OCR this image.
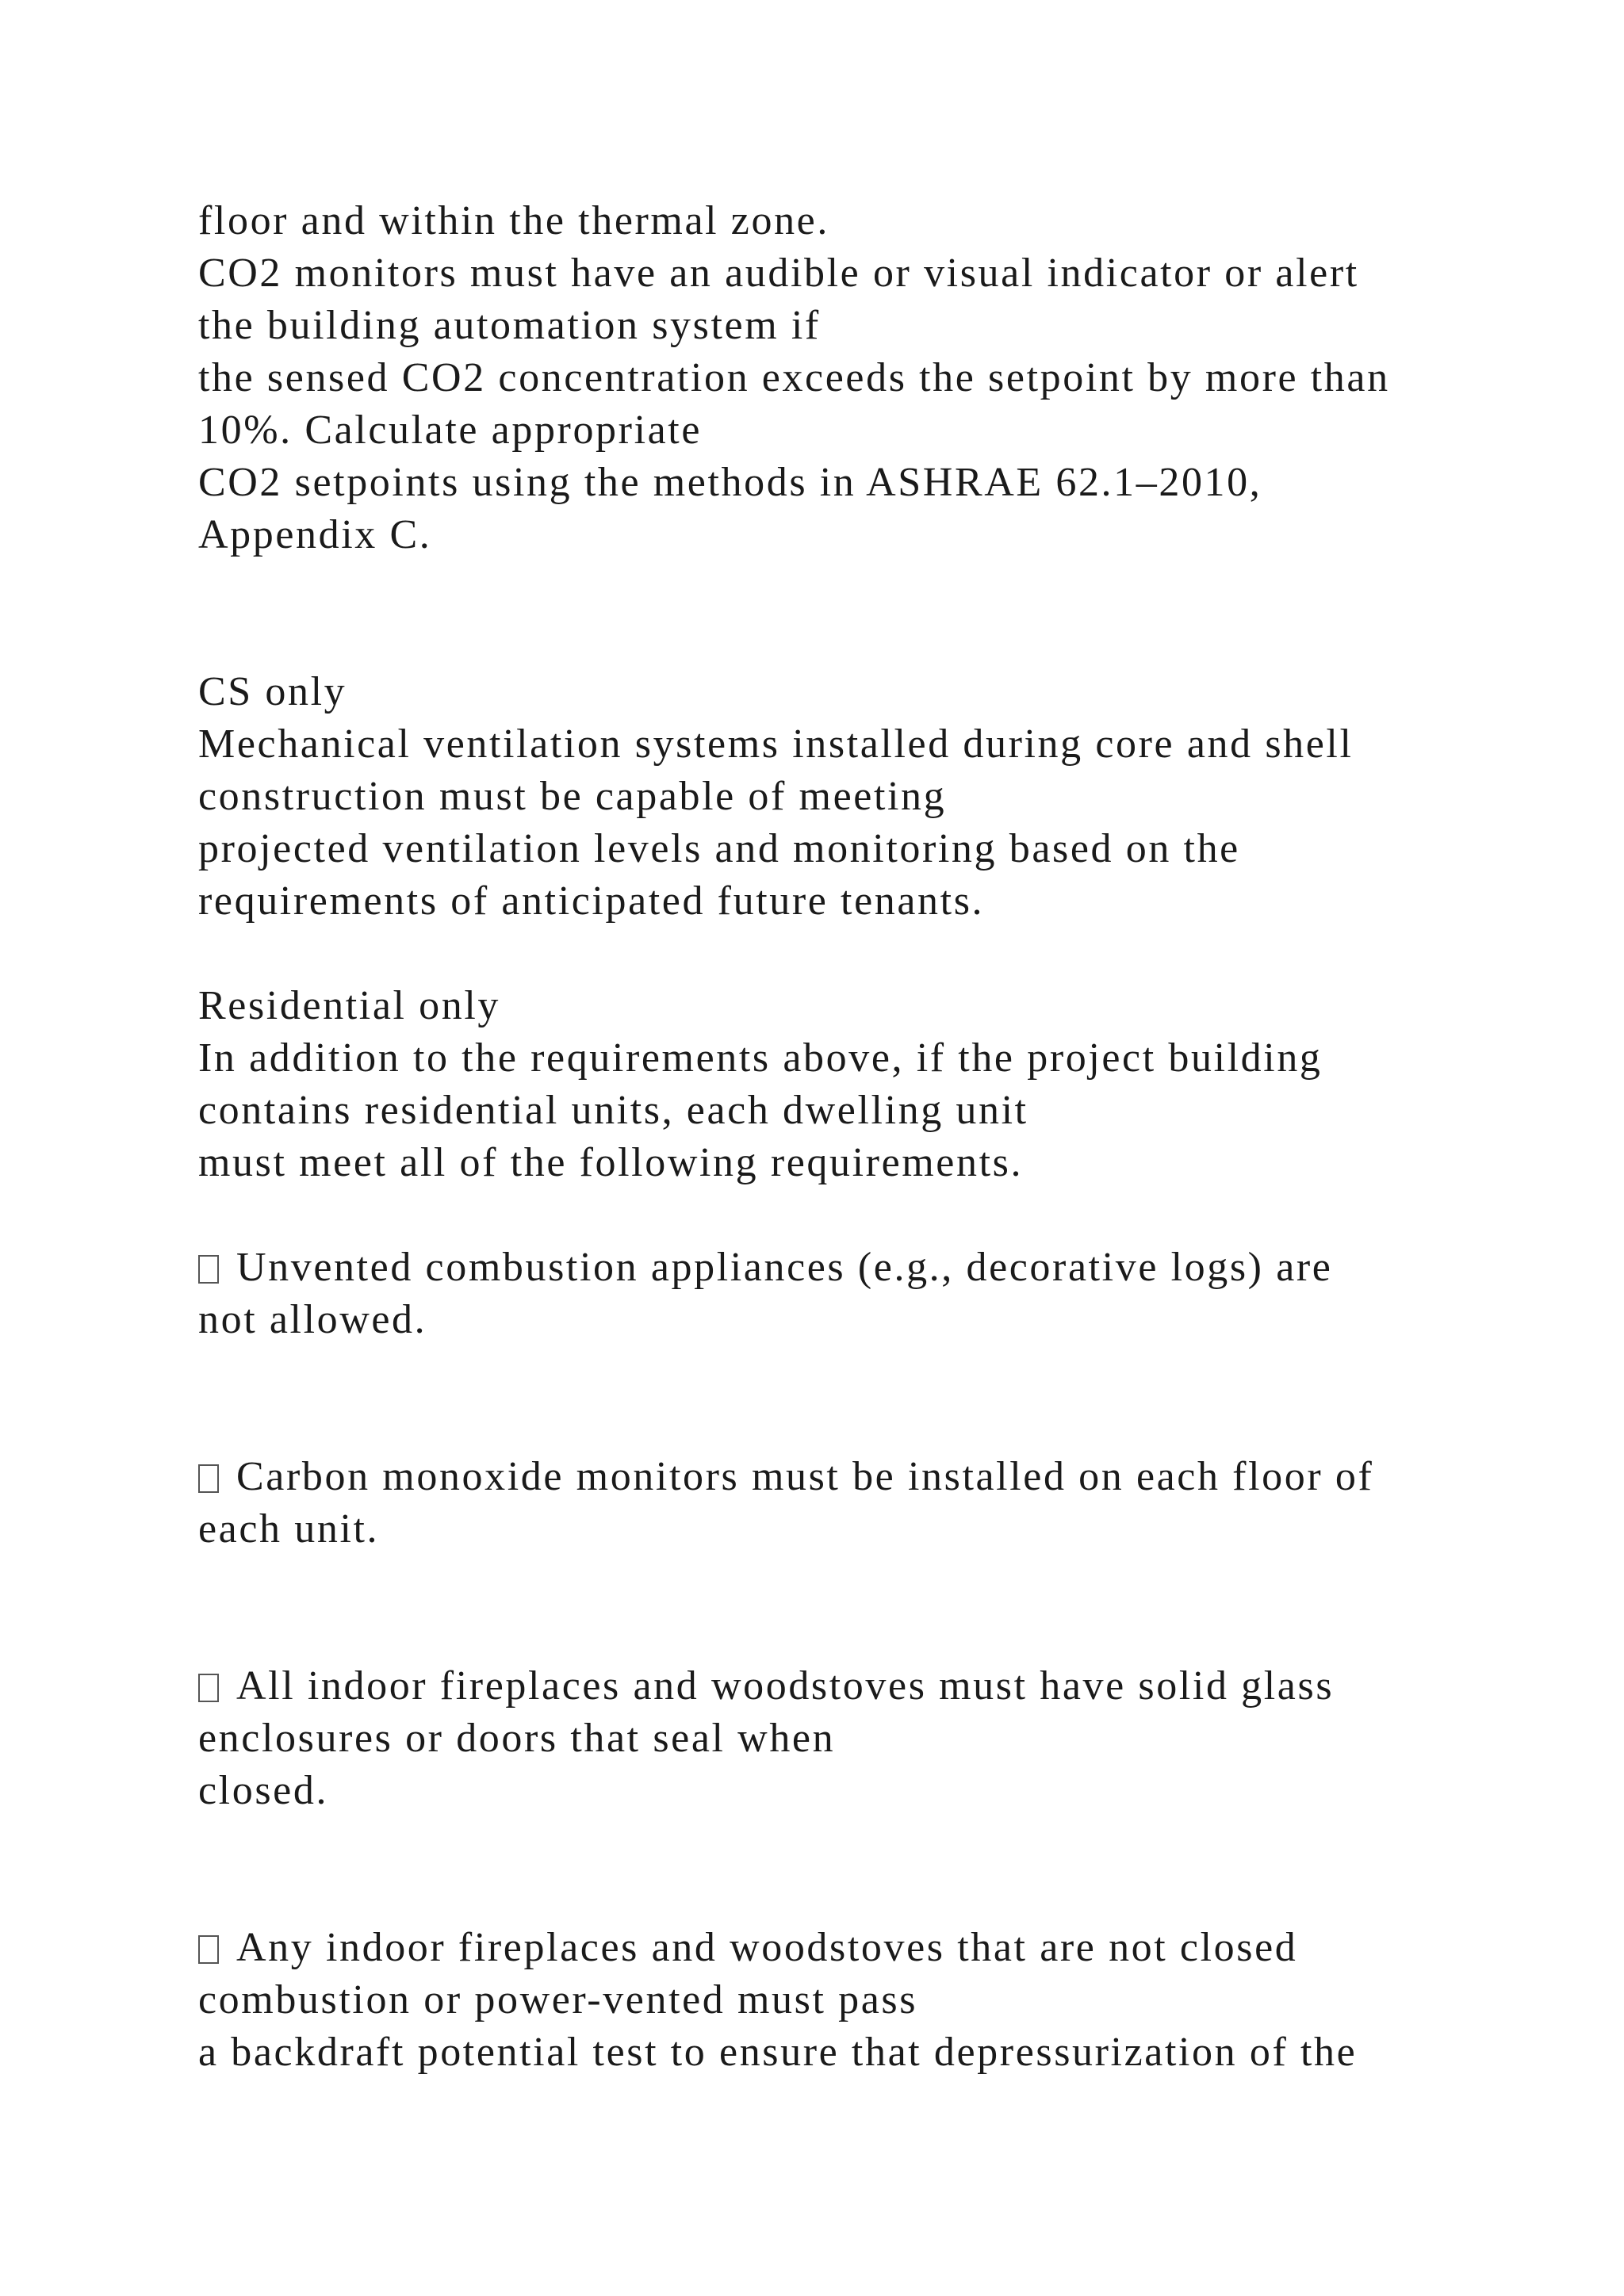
floor and within the thermal zone.
CO2 monitors must have an audible or visual indicator or alert
the building automation system if
the sensed CO2 concentration exceeds the setpoint by more than
10%. Calculate appropriate
CO2 setpoints using the methods in ASHRAE 62.1–2010,
Appendix C.
CS only
Mechanical ventilation systems installed during core and shell
construction must be capable of meeting
projected ventilation levels and monitoring based on the
requirements of anticipated future tenants.
Residential only
In addition to the requirements above, if the project building
contains residential units, each dwelling unit
must meet all of the following requirements.
Unvented combustion appliances (e.g., decorative logs) are
not allowed.
Carbon monoxide monitors must be installed on each floor of
each unit.
All indoor fireplaces and woodstoves must have solid glass
enclosures or doors that seal when
closed.
Any indoor fireplaces and woodstoves that are not closed
combustion or power-vented must pass
a backdraft potential test to ensure that depressurization of the
